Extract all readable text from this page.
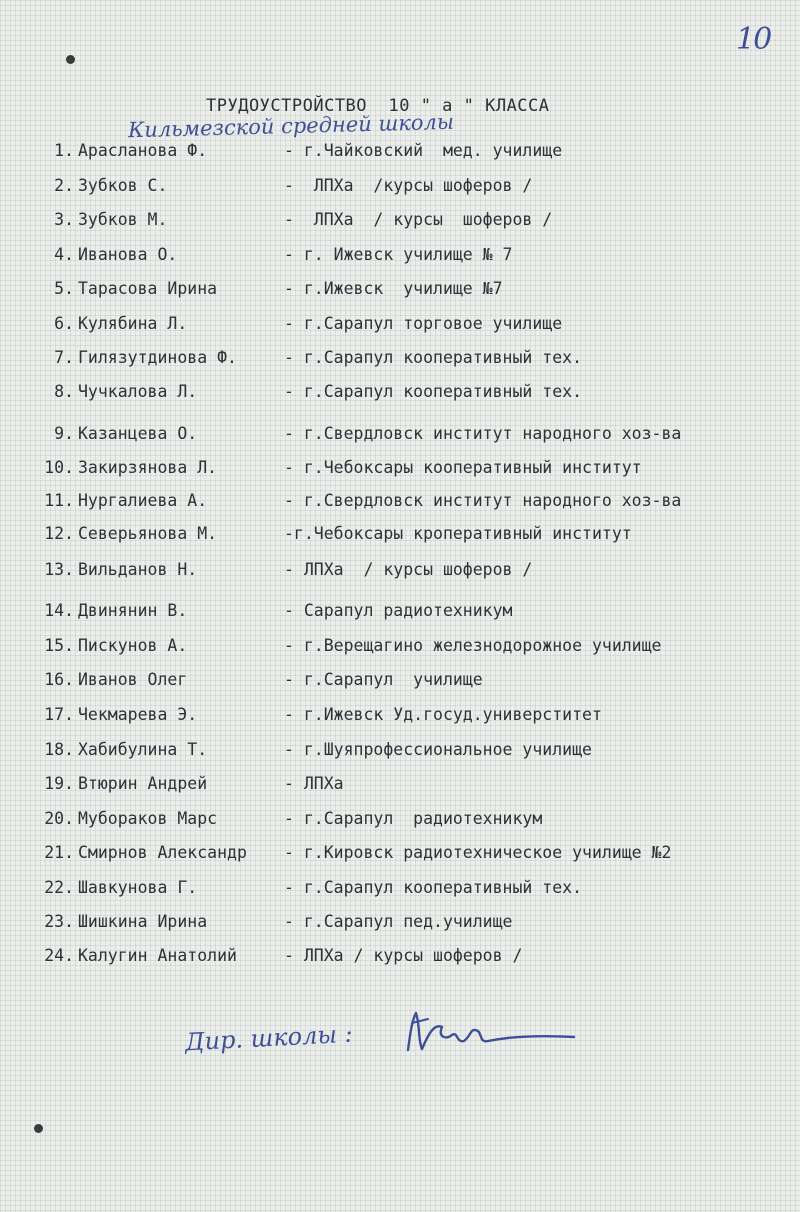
10
ТРУДОУСТРОЙСТВО  10 " а " КЛАССА
Кильмезской средней школы
1. Арасланова Ф.	- г.Чайковский  мед. училище
2. Зубков С.	-  ЛПХа  /курсы шоферов /
3. Зубков М.	-  ЛПХа  / курсы  шоферов /
4. Иванова О.	- г. Ижевск училище № 7
5. Тарасова Ирина	- г.Ижевск  училище №7
6. Кулябина Л.	- г.Сарапул торговое училище
7. Гилязутдинова Ф.	- г.Сарапул кооперативный тех.
8. Чучкалова Л.	- г.Сарапул кооперативный тех.
9. Казанцева О.	- г.Свердловск институт народного хоз-ва
10. Закирзянова Л.	- г.Чебоксары кооперативный институт
11. Нургалиева А.	- г.Свердловск институт народного хоз-ва
12. Северьянова М.	-г.Чебоксары кроперативный институт
13. Вильданов Н.	- ЛПХа  / курсы шоферов /
14. Двинянин В.	- Сарапул радиотехникум
15. Пискунов А.	- г.Верещагино железнодорожное училище
16. Иванов Олег	- г.Сарапул  училище
17. Чекмарева Э.	- г.Ижевск Уд.госуд.универститет
18. Хабибулина Т.	- г.Шуяпрофессиональное училище
19. Втюрин Андрей	- ЛПХа
20. Мубораков Марс	- г.Сарапул  радиотехникум
21. Смирнов Александр - г.Кировск радиотехническое училище №2
22. Шавкунова Г.	- г.Сарапул кооперативный тех.
23. Шишкина Ирина	- г.Сарапул пед.училище
24. Калугин Анатолий	- ЛПХа / курсы шоферов /
Дир. школы :
